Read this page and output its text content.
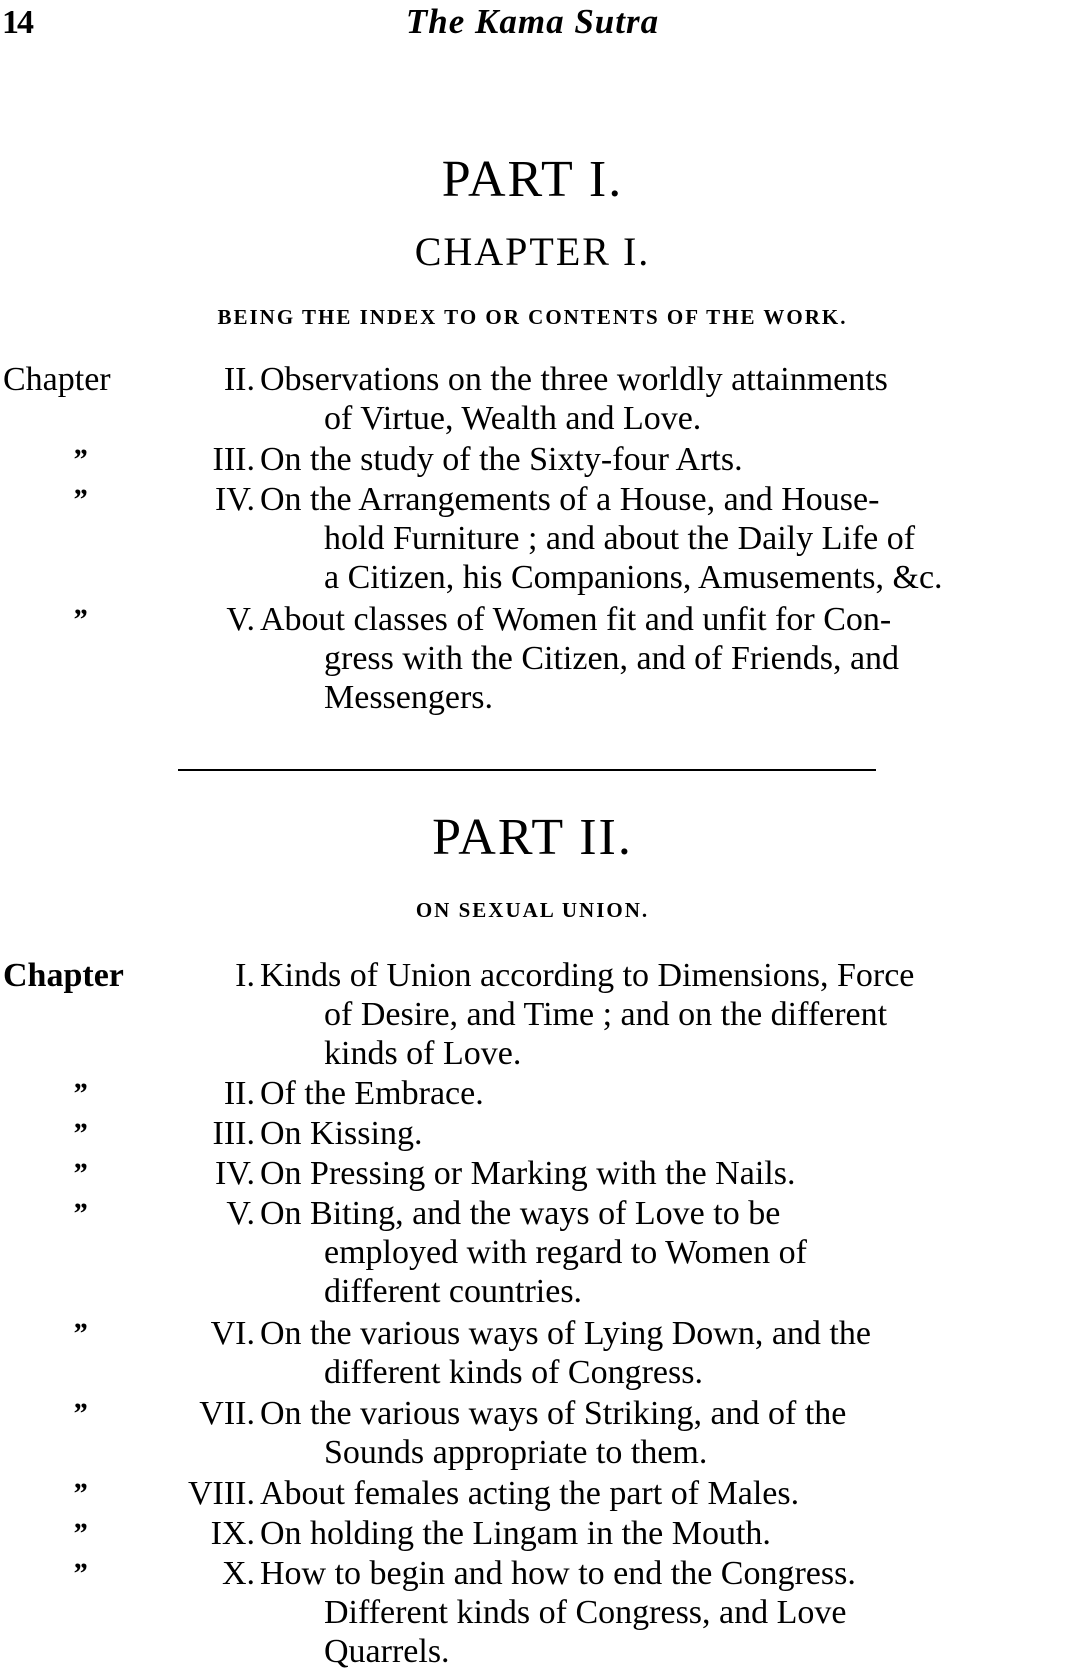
14	The Kama Sutra
PART I.
CHAPTER I.
BEING THE INDEX TO OR CONTENTS OF THE WORK.
Chapter	II. Observations on the three worldly attainments
of Virtue, Wealth and Love.
”	III. On the study of the Sixty-four Arts.
”	IV. On the Arrangements of a House, and House-
hold Furniture ; and about the Daily Life of
a Citizen, his Companions, Amusements, &c.
”	V. About classes of Women fit and unfit for Con-
gress with the Citizen, and of Friends, and
Messengers.
PART II.
ON SEXUAL UNION.
Chapter	I. Kinds of Union according to Dimensions, Force
of Desire, and Time ; and on the different
kinds of Love.
”	II. Of the Embrace.
”	III. On Kissing.
”	IV. On Pressing or Marking with the Nails.
”	V. On Biting, and the ways of Love to be
employed with regard to Women of
different countries.
”	VI. On the various ways of Lying Down, and the
different kinds of Congress.
”	VII. On the various ways of Striking, and of the
Sounds appropriate to them.
”	VIII. About females acting the part of Males.
”	IX. On holding the Lingam in the Mouth.
”	X. How to begin and how to end the Congress.
Different kinds of Congress, and Love
Quarrels.
